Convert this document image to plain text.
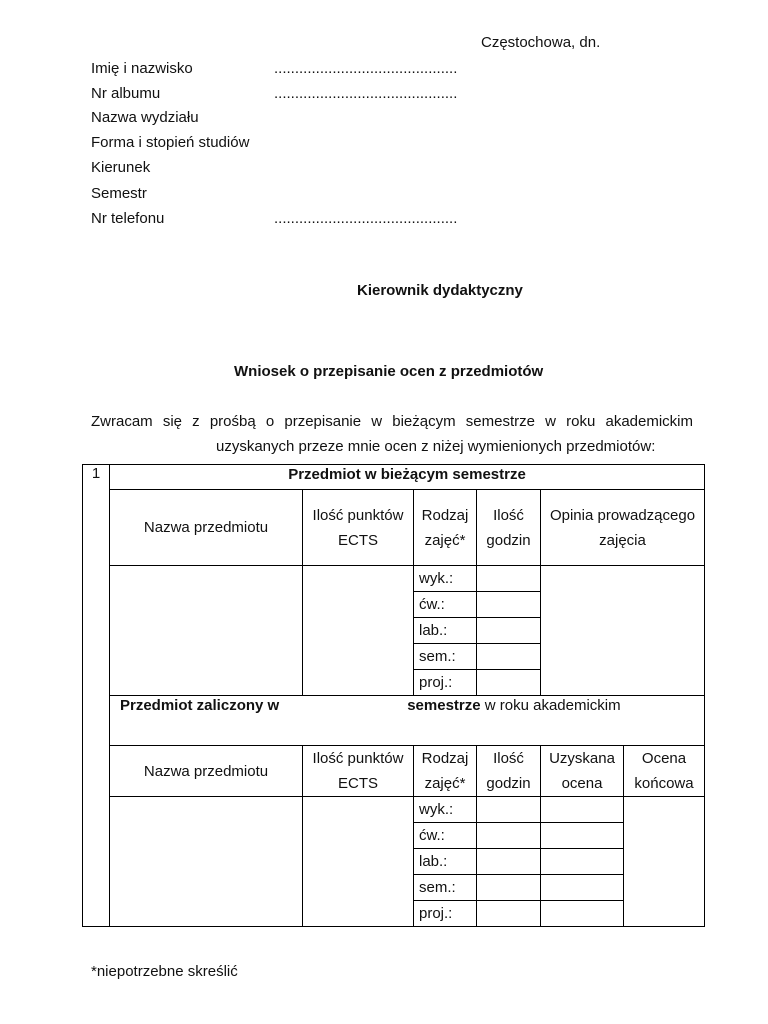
Częstochowa, dn.
Imię i nazwisko	............................................
Nr albumu	............................................
Nazwa wydziału
Forma i stopień studiów
Kierunek
Semestr
Nr telefonu	............................................
Kierownik dydaktyczny
Wniosek o przepisanie ocen z przedmiotów
Zwracam się z prośbą o przepisanie w bieżącym semestrze w roku akademickim
uzyskanych przeze mnie ocen z niżej wymienionych przedmiotów:
1	Przedmiot w bieżącym semestrze					
	Nazwa przedmiotu	Ilość punktów ECTS	Rodzaj zajęć*	Ilość godzin	Opinia prowadzącego zajęcia	
			wyk.:			
			ćw.:			
			lab.:			
			sem.:			
			proj.:			
	Przedmiot zaliczony w semestrze w roku akademickim					
	Nazwa przedmiotu	Ilość punktów ECTS	Rodzaj zajęć*	Ilość godzin	Uzyskana ocena	Ocena końcowa
			wyk.:			
			ćw.:			
			lab.:			
			sem.:			
			proj.:			
*niepotrzebne skreślić
